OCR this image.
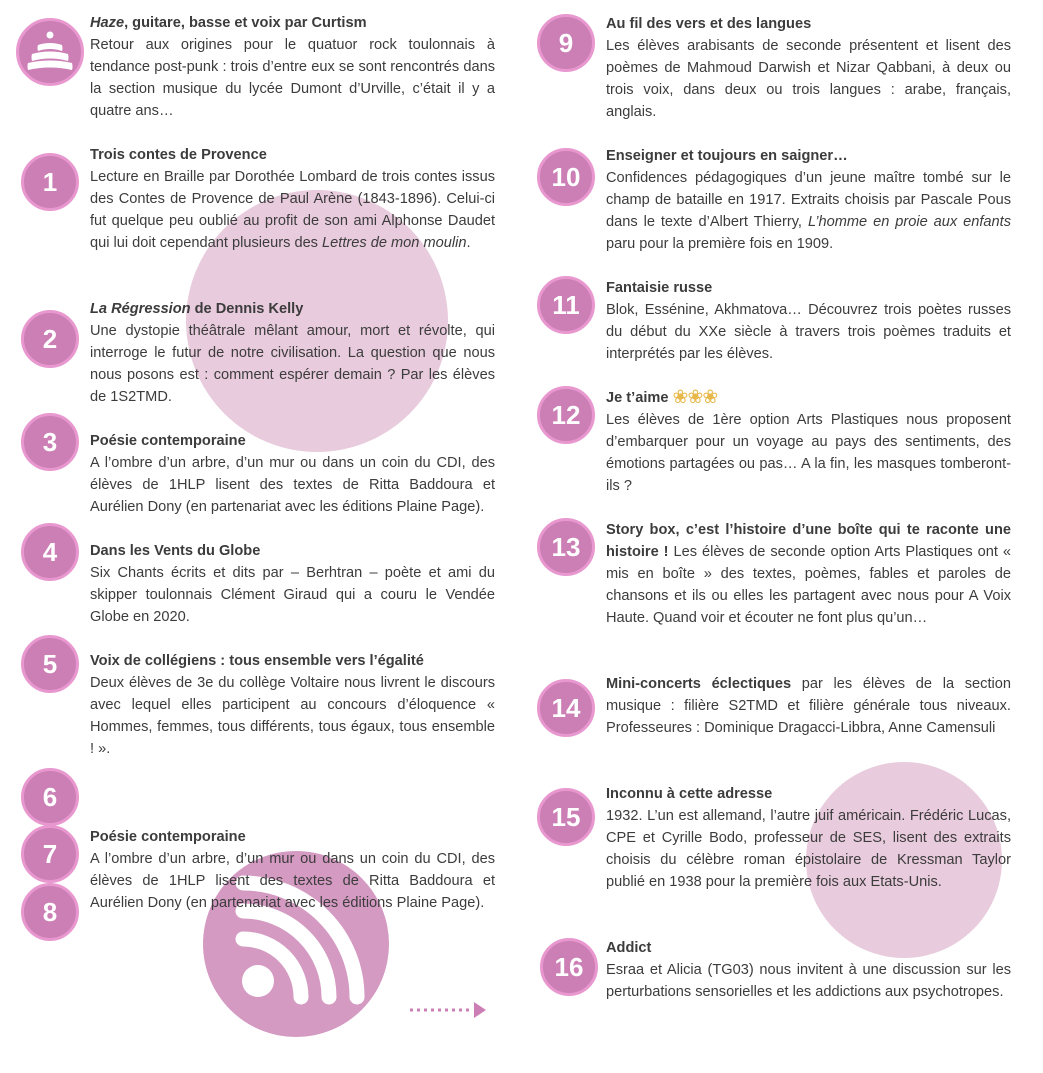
Haze, guitare, basse et voix par Curtism

Retour aux origines pour le quatuor rock toulonnais à tendance post-punk : trois d’entre eux se sont rencontrés dans la section musique du lycée Dumont d’Urville, c’était il y a quatre ans…

1
Trois contes de Provence

Lecture en Braille par Dorothée Lombard de trois contes issus des Contes de Provence de Paul Arène (1843-1896). Celui-ci fut quelque peu oublié au profit de son ami Alphonse Daudet qui lui doit cependant plusieurs des Lettres de mon moulin.

2
La Régression de Dennis Kelly

Une dystopie théâtrale mêlant amour, mort et révolte, qui interroge le futur de notre civilisation. La question que nous nous posons est : comment espérer demain ? Par les élèves de 1S2TMD.

3	Poésie contemporaine

A l’ombre d’un arbre, d’un mur ou dans un coin du CDI, des élèves de 1HLP lisent des textes de Ritta Baddoura et Aurélien Dony (en partenariat avec les éditions Plaine Page).

4	Dans les Vents du Globe

Six Chants écrits et dits par – Berhtran – poète et ami du skipper toulonnais Clément Giraud qui a couru le Vendée Globe en 2020.

5	Voix de collégiens : tous ensemble vers l’égalité

Deux élèves de 3e du collège Voltaire nous livrent le discours avec lequel elles participent au concours d’éloquence « Hommes, femmes, tous différents, tous égaux, tous ensemble ! ».

6
7
Poésie contemporaine

A l’ombre d’un arbre, d’un mur ou dans un coin du CDI, des élèves de 1HLP lisent des textes de Ritta Baddoura et Aurélien Dony (en partenariat avec les éditions Plaine Page).

8
9
Au fil des vers et des langues

Les élèves arabisants de seconde présentent et lisent des poèmes de Mahmoud Darwish et Nizar Qabbani, à deux ou trois voix, dans deux ou trois langues : arabe, français, anglais.

10
Enseigner et toujours en saigner…

Confidences pédagogiques d’un jeune maître tombé sur le champ de bataille en 1917. Extraits choisis par Pascale Pous dans le texte d’Albert Thierry, L’homme en proie aux enfants paru pour la première fois en 1909.

11
Fantaisie russe

Blok, Essénine, Akhmatova… Découvrez trois poètes russes du début du XXe siècle à travers trois poèmes traduits et interprétés par les élèves.

12
Je t’aime ❀❀❀

Les élèves de 1ère option Arts Plastiques nous proposent d’embarquer pour un voyage au pays des sentiments, des émotions partagées ou pas… A la fin, les masques tomberont-ils ?

13

Story box, c’est l’histoire d’une boîte qui te raconte une histoire ! Les élèves de seconde option Arts Plastiques ont « mis en boîte » des textes, poèmes, fables et paroles de chansons et ils ou elles les partagent avec nous pour A Voix Haute. Quand voir et écouter ne font plus qu’un…

14

Mini-concerts éclectiques par les élèves de la section musique : filière S2TMD et filière générale tous niveaux. Professeures : Dominique Dragacci-Libbra, Anne Camensuli

15
Inconnu à cette adresse

1932. L’un est allemand, l’autre juif américain. Frédéric Lucas, CPE et Cyrille Bodo, professeur de SES, lisent des extraits choisis du célèbre roman épistolaire de Kressman Taylor publié en 1938 pour la première fois aux Etats-Unis.

16
Addict

Esraa et Alicia (TG03) nous invitent à une discussion sur les perturbations sensorielles et les addictions aux psychotropes.
